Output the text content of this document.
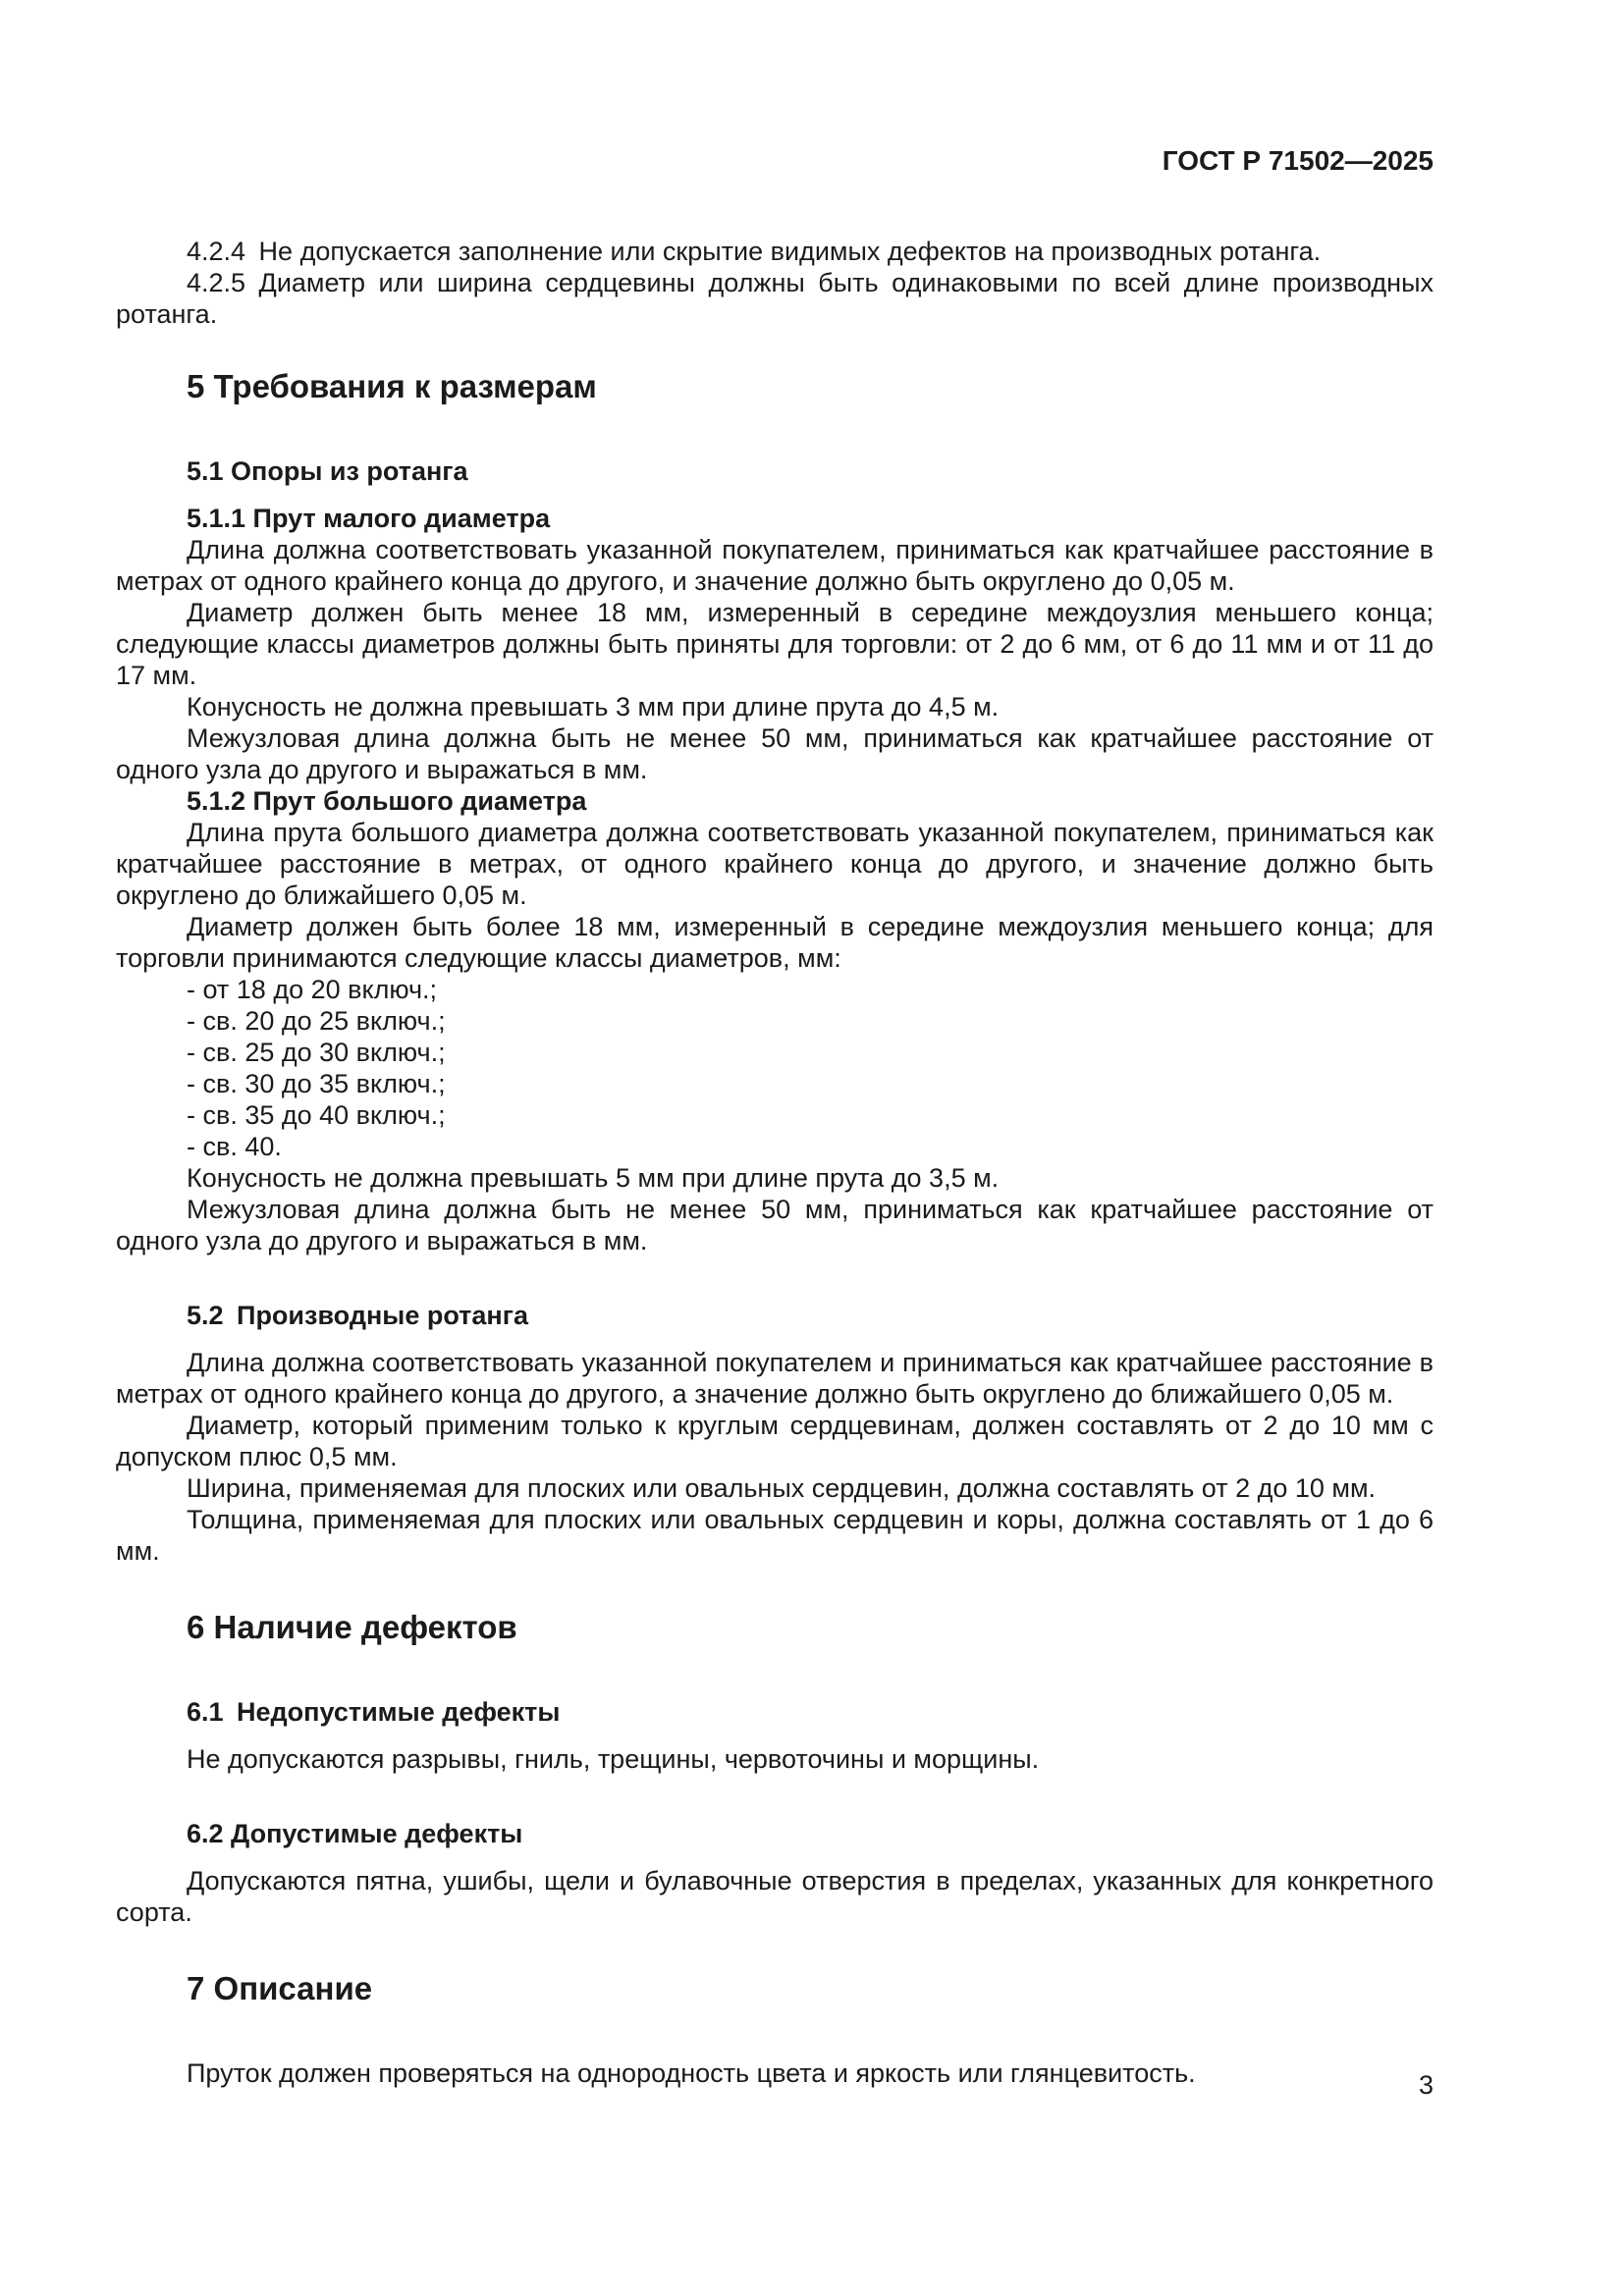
ГОСТ Р 71502—2025

4.2.4 Не допускается заполнение или скрытие видимых дефектов на производных ротанга.

4.2.5 Диаметр или ширина сердцевины должны быть одинаковыми по всей длине производных ротанга.

5 Требования к размерам
5.1 Опоры из ротанга

5.1.1 Прут малого диаметра

Длина должна соответствовать указанной покупателем, приниматься как кратчайшее расстояние в метрах от одного крайнего конца до другого, и значение должно быть округлено до 0,05 м.

Диаметр должен быть менее 18 мм, измеренный в середине междоузлия меньшего конца; следующие классы диаметров должны быть приняты для торговли: от 2 до 6 мм, от 6 до 11 мм и от 11 до 17 мм.

Конусность не должна превышать 3 мм при длине прута до 4,5 м.

Межузловая длина должна быть не менее 50 мм, приниматься как кратчайшее расстояние от одного узла до другого и выражаться в мм.

5.1.2 Прут большого диаметра

Длина прута большого диаметра должна соответствовать указанной покупателем, приниматься как кратчайшее расстояние в метрах, от одного крайнего конца до другого, и значение должно быть округлено до ближайшего 0,05 м.

Диаметр должен быть более 18 мм, измеренный в середине междоузлия меньшего конца; для торговли принимаются следующие классы диаметров, мм:

- от 18 до 20 включ.;
- св. 20 до 25 включ.;
- св. 25 до 30 включ.;
- св. 30 до 35 включ.;
- св. 35 до 40 включ.;
- св. 40.

Конусность не должна превышать 5 мм при длине прута до 3,5 м.

Межузловая длина должна быть не менее 50 мм, приниматься как кратчайшее расстояние от одного узла до другого и выражаться в мм.

5.2 Производные ротанга

Длина должна соответствовать указанной покупателем и приниматься как кратчайшее расстояние в метрах от одного крайнего конца до другого, а значение должно быть округлено до ближайшего 0,05 м.

Диаметр, который применим только к круглым сердцевинам, должен составлять от 2 до 10 мм с допуском плюс 0,5 мм.

Ширина, применяемая для плоских или овальных сердцевин, должна составлять от 2 до 10 мм.

Толщина, применяемая для плоских или овальных сердцевин и коры, должна составлять от 1 до 6 мм.

6 Наличие дефектов
6.1 Недопустимые дефекты

Не допускаются разрывы, гниль, трещины, червоточины и морщины.

6.2 Допустимые дефекты

Допускаются пятна, ушибы, щели и булавочные отверстия в пределах, указанных для конкретного сорта.

7 Описание

Пруток должен проверяться на однородность цвета и яркость или глянцевитость.	3
